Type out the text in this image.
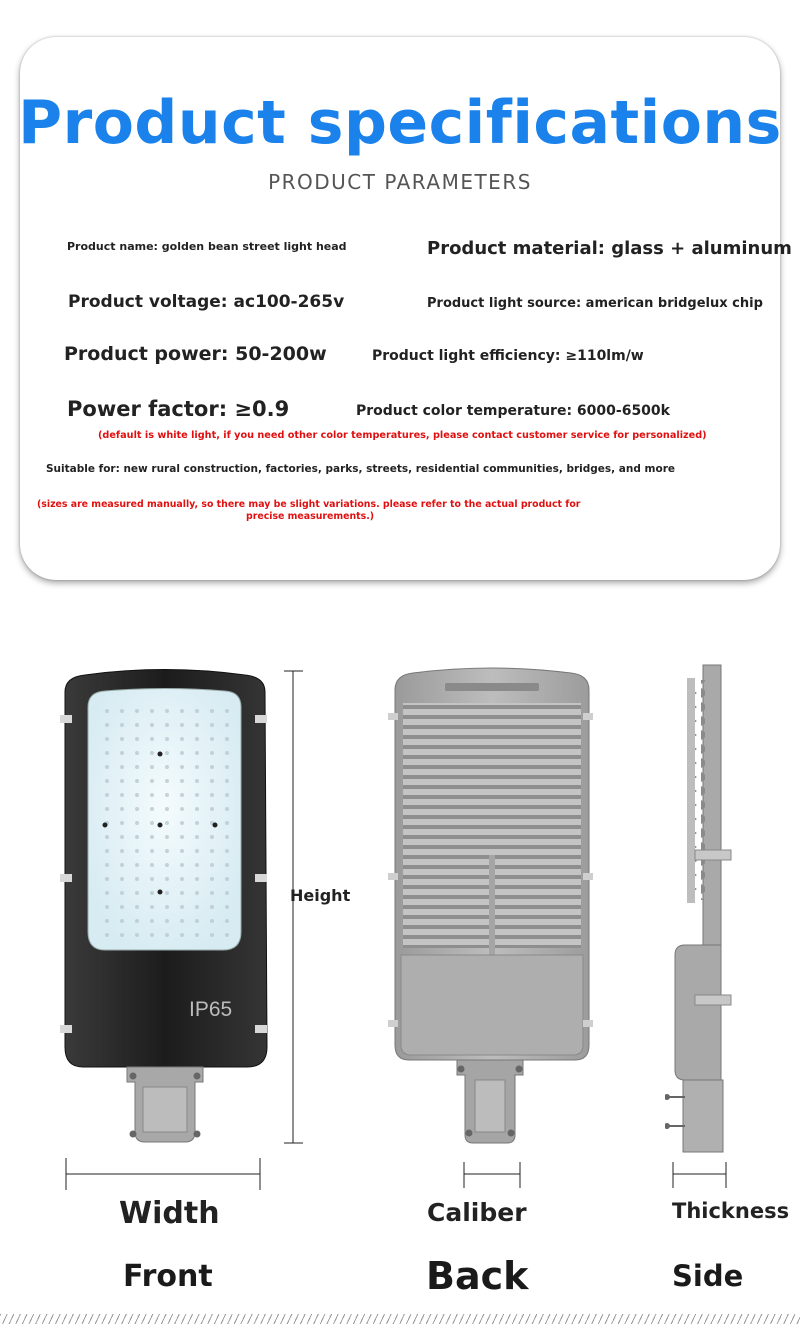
Product specifications
PRODUCT PARAMETERS
Product name: golden bean street light head	Product material: glass + aluminum
Product voltage: ac100-265v	Product light source: american bridgelux chip
Product power: 50-200w	Product light efficiency: ≥110lm/w
Power factor: ≥0.9	Product color temperature: 6000-6500k
(default is white light, if you need other color temperatures, please contact customer service for personalized)
Suitable for: new rural construction, factories, parks, streets, residential communities, bridges, and more
(sizes are measured manually, so there may be slight variations. please refer to the actual product for
precise measurements.)
IP65
Height
Width	Caliber	Thickness
Front	Back	Side
